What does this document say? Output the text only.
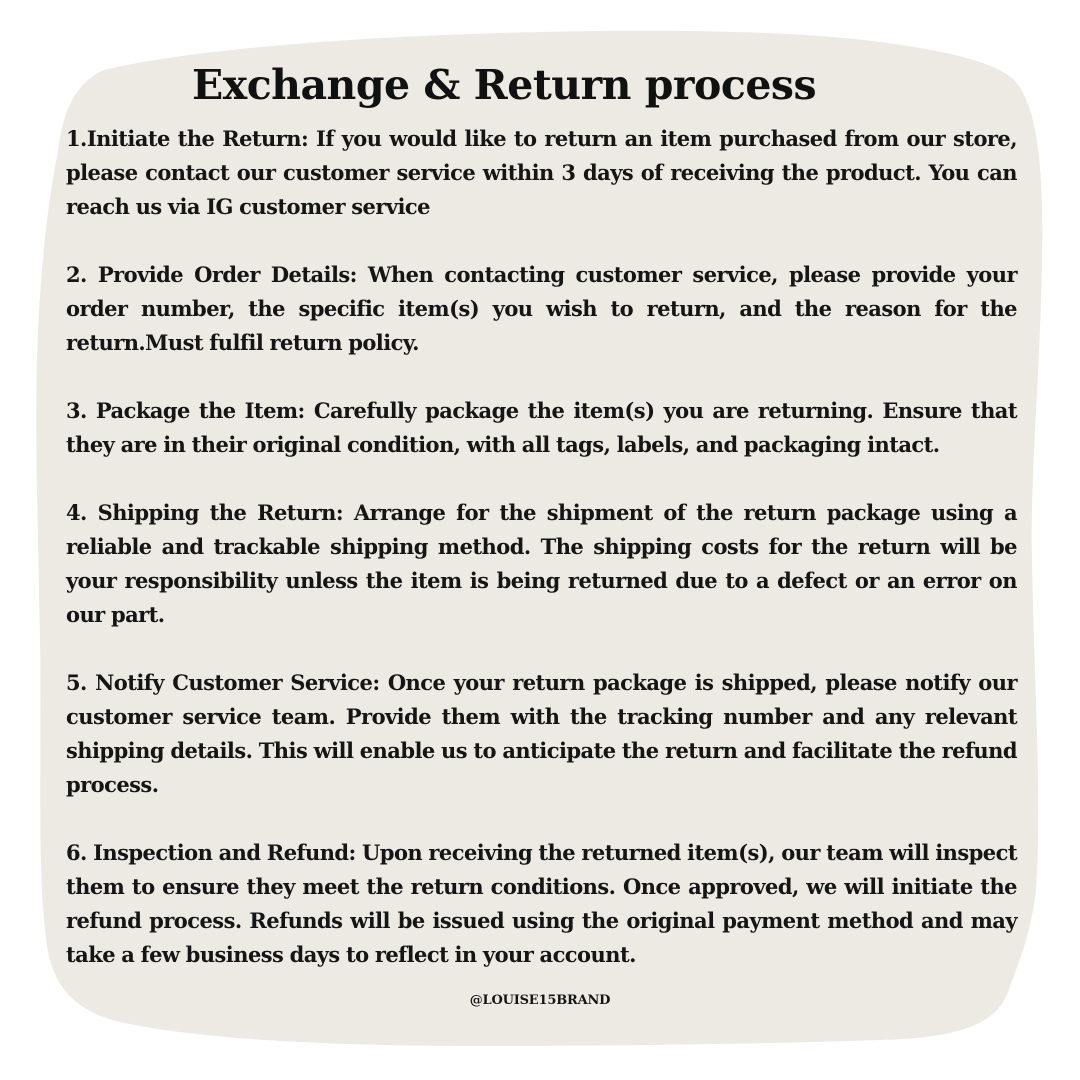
Exchange & Return process

1.Initiate the Return: If you would like to return an item purchased from our store, please contact our customer service within 3 days of receiving the product. You can reach us via IG customer service

2. Provide Order Details: When contacting customer service, please provide your order number, the specific item(s) you wish to return, and the reason for the return.Must fulfil return policy.

3. Package the Item: Carefully package the item(s) you are returning. Ensure that they are in their original condition, with all tags, labels, and packaging intact.

4. Shipping the Return: Arrange for the shipment of the return package using a reliable and trackable shipping method. The shipping costs for the return will be your responsibility unless the item is being returned due to a defect or an error on our part.

5. Notify Customer Service: Once your return package is shipped, please notify our customer service team. Provide them with the tracking number and any relevant shipping details. This will enable us to anticipate the return and facilitate the refund process.

6. Inspection and Refund: Upon receiving the returned item(s), our team will inspect them to ensure they meet the return conditions. Once approved, we will initiate the refund process. Refunds will be issued using the original payment method and may take a few business days to reflect in your account.

@LOUISE15BRAND
